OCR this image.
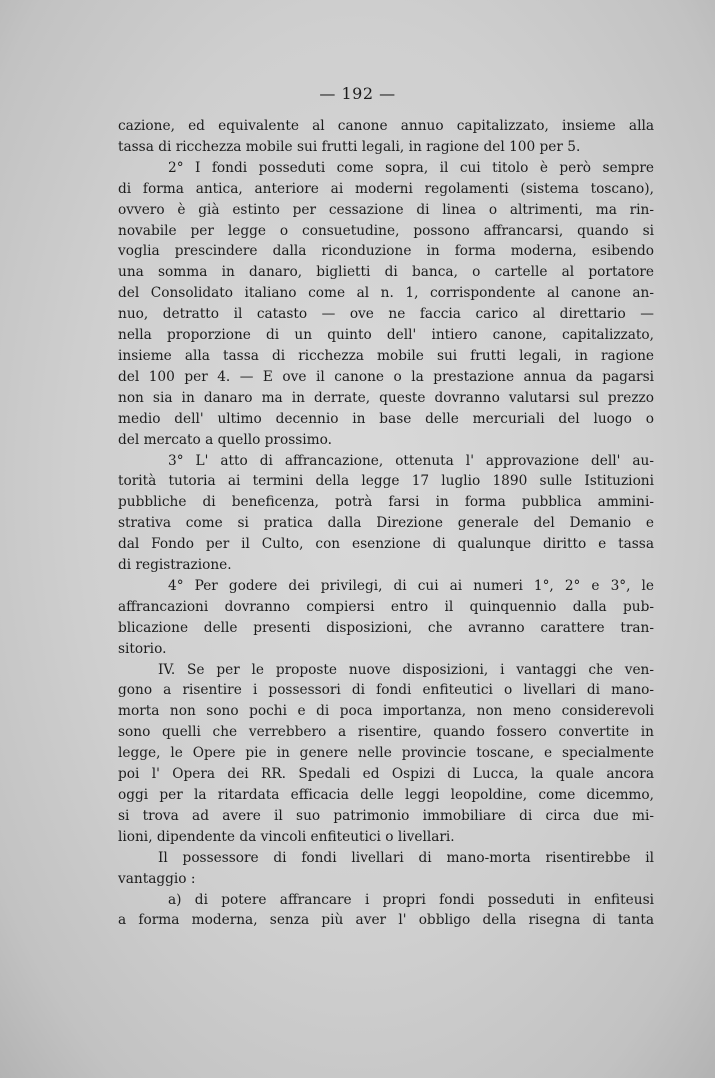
— 192 —

cazione, ed equivalente al canone annuo capitalizzato, insieme alla

tassa di ricchezza mobile sui frutti legali, in ragione del 100 per 5.

2° I fondi posseduti come sopra, il cui titolo è però sempre

di forma antica, anteriore ai moderni regolamenti (sistema toscano),

ovvero è già estinto per cessazione di linea o altrimenti, ma rin-

novabile per legge o consuetudine, possono affrancarsi, quando si

voglia prescindere dalla riconduzione in forma moderna, esibendo

una somma in danaro, biglietti di banca, o cartelle al portatore

del Consolidato italiano come al n. 1, corrispondente al canone an-

nuo, detratto il catasto — ove ne faccia carico al direttario —

nella proporzione di un quinto dell' intiero canone, capitalizzato,

insieme alla tassa di ricchezza mobile sui frutti legali, in ragione

del 100 per 4. — E ove il canone o la prestazione annua da pagarsi

non sia in danaro ma in derrate, queste dovranno valutarsi sul prezzo

medio dell' ultimo decennio in base delle mercuriali del luogo o

del mercato a quello prossimo.

3° L' atto di affrancazione, ottenuta l' approvazione dell' au-

torità tutoria ai termini della legge 17 luglio 1890 sulle Istituzioni

pubbliche di beneficenza, potrà farsi in forma pubblica ammini-

strativa come si pratica dalla Direzione generale del Demanio e

dal Fondo per il Culto, con esenzione di qualunque diritto e tassa

di registrazione.

4° Per godere dei privilegi, di cui ai numeri 1°, 2° e 3°, le

affrancazioni dovranno compiersi entro il quinquennio dalla pub-

blicazione delle presenti disposizioni, che avranno carattere tran-

sitorio.

IV. Se per le proposte nuove disposizioni, i vantaggi che ven-

gono a risentire i possessori di fondi enfiteutici o livellari di mano-

morta non sono pochi e di poca importanza, non meno considerevoli

sono quelli che verrebbero a risentire, quando fossero convertite in

legge, le Opere pie in genere nelle provincie toscane, e specialmente

poi l' Opera dei RR. Spedali ed Ospizi di Lucca, la quale ancora

oggi per la ritardata efficacia delle leggi leopoldine, come dicemmo,

si trova ad avere il suo patrimonio immobiliare di circa due mi-

lioni, dipendente da vincoli enfiteutici o livellari.

Il possessore di fondi livellari di mano-morta risentirebbe il

vantaggio :

a) di potere affrancare i propri fondi posseduti in enfiteusi

a forma moderna, senza più aver l' obbligo della risegna di tanta
